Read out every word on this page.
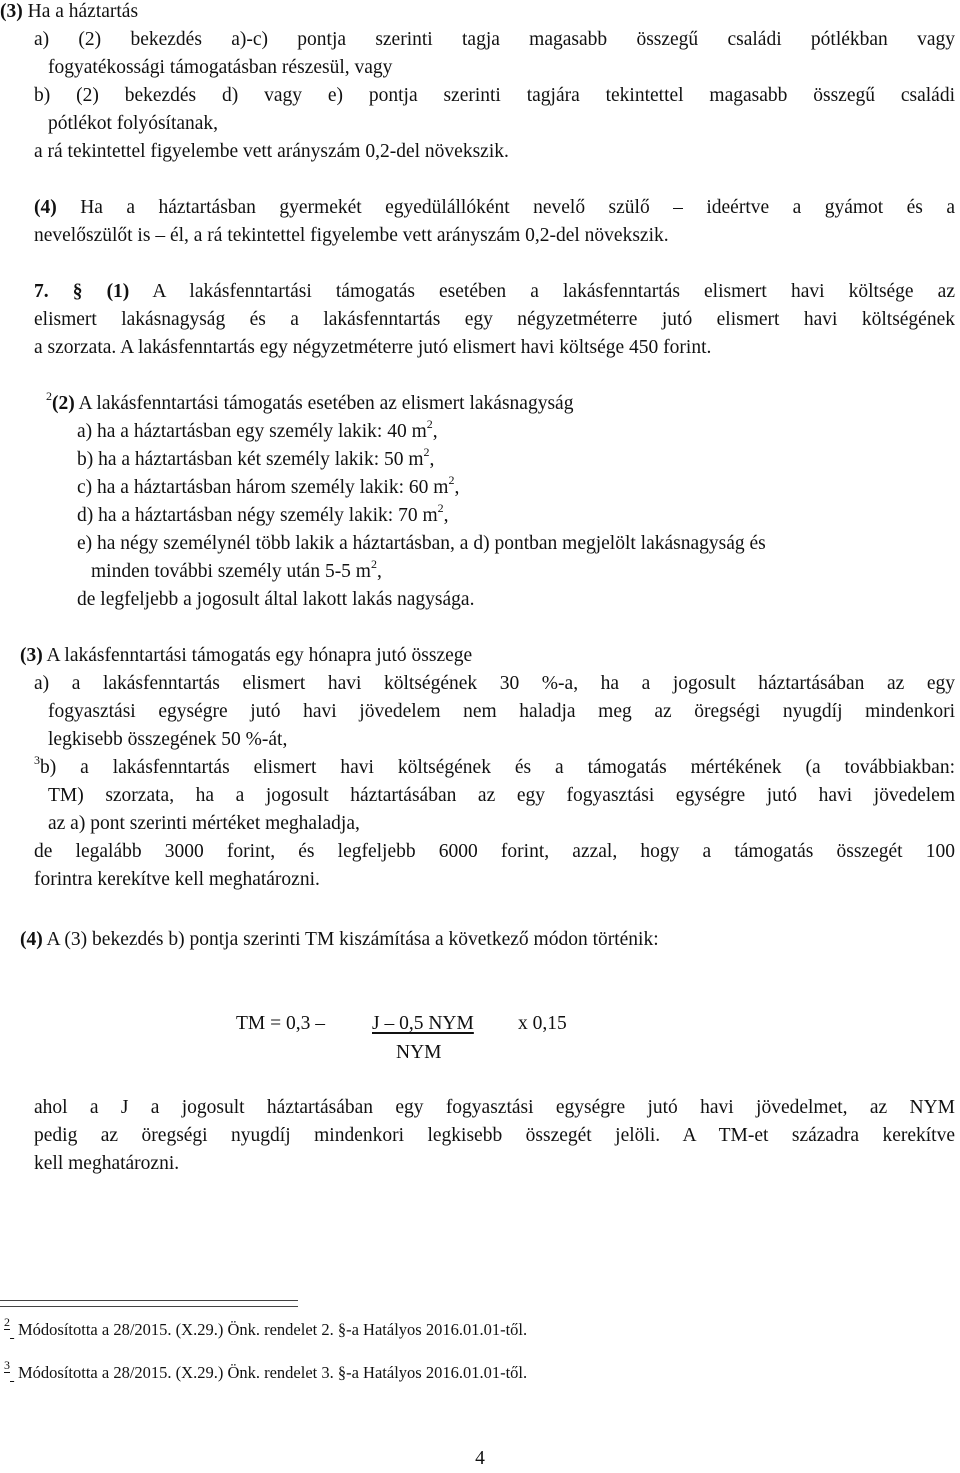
(3) Ha a háztartás
a) (2) bekezdés a)-c) pontja szerinti tagja magasabb összegű családi pótlékban vagy
fogyatékossági támogatásban részesül, vagy
b) (2) bekezdés d) vagy e) pontja szerinti tagjára tekintettel magasabb összegű családi
pótlékot folyósítanak,
a rá tekintettel figyelembe vett arányszám 0,2-del növekszik.
(4) Ha a háztartásban gyermekét egyedülállóként nevelő szülő – ideértve a gyámot és a
nevelőszülőt is – él, a rá tekintettel figyelembe vett arányszám 0,2-del növekszik.
7. § (1) A lakásfenntartási támogatás esetében a lakásfenntartás elismert havi költsége az
elismert lakásnagyság és a lakásfenntartás egy négyzetméterre jutó elismert havi költségének
a szorzata. A lakásfenntartás egy négyzetméterre jutó elismert havi költsége 450 forint.
$^2$(2) A lakásfenntartási támogatás esetében az elismert lakásnagyság
a) ha a háztartásban egy személy lakik: 40 $m^2$,
b) ha a háztartásban két személy lakik: 50 $m^2$,
c) ha a háztartásban három személy lakik: 60 $m^2$,
d) ha a háztartásban négy személy lakik: 70 $m^2$,
e) ha négy személynél több lakik a háztartásban, a d) pontban megjelölt lakásnagyság és
minden további személy után 5-5 $m^2$,
de legfeljebb a jogosult által lakott lakás nagysága.
(3) A lakásfenntartási támogatás egy hónapra jutó összege
a) a lakásfenntartás elismert havi költségének 30 %-a, ha a jogosult háztartásában az egy
fogyasztási egységre jutó havi jövedelem nem haladja meg az öregségi nyugdíj mindenkori
legkisebb összegének 50 %-át,
$^3$b) a lakásfenntartás elismert havi költségének és a támogatás mértékének (a továbbiakban:
TM) szorzata, ha a jogosult háztartásában az egy fogyasztási egységre jutó havi jövedelem
az a) pont szerinti mértéket meghaladja,
de legalább 3000 forint, és legfeljebb 6000 forint, azzal, hogy a támogatás összegét 100
forintra kerekítve kell meghatározni.
(4) A (3) bekezdés b) pontja szerinti TM kiszámítása a következő módon történik:
TM = 0,3 –	J – 0,5 NYM	x 0,15
NYM
ahol a J a jogosult háztartásában egy fogyasztási egységre jutó havi jövedelmet, az NYM
pedig az öregségi nyugdíj mindenkori legkisebb összegét jelöli. A TM-et századra kerekítve
kell meghatározni.
$^2$ Módosította a 28/2015. (X.29.) Önk. rendelet 2. §-a Hatályos 2016.01.01-től.
$^3$ Módosította a 28/2015. (X.29.) Önk. rendelet 3. §-a Hatályos 2016.01.01-től.
4
